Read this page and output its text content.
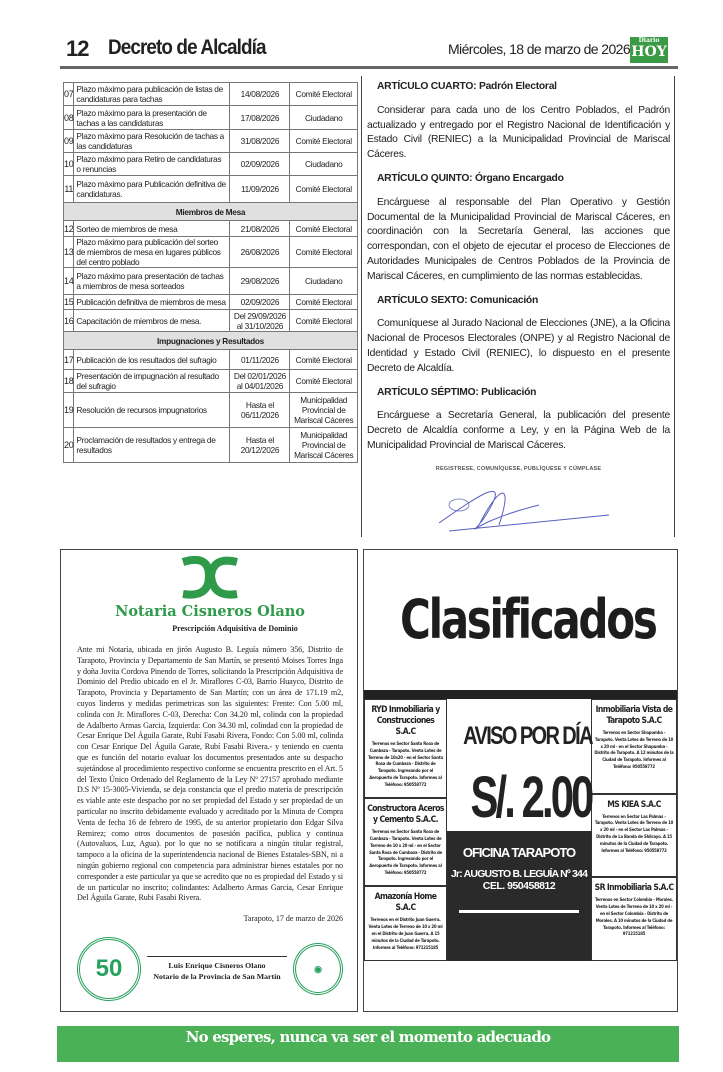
12 Decreto de Alcaldía	Miércoles, 18 de marzo de 2026
Diario
HOY
07	Plazo máximo para publicación de listas de candidaturas para tachas	14/08/2026	Comité Electoral
08	Plazo máximo para la presentación de tachas a las candidaturas	17/08/2026	Ciudadano
09	Plazo máximo para Resolución de tachas a las candidaturas	31/08/2026	Comité Electoral
10	Plazo máximo para Retiro de candidaturas o renuncias	02/09/2026	Ciudadano
11	Plazo máximo para Publicación definitiva de candidaturas.	11/09/2026	Comité Electoral
Miembros de Mesa			
12	Sorteo de miembros de mesa	21/08/2026	Comité Electoral
13	Plazo máximo para publicación del sorteo de miembros de mesa en lugares públicos del centro poblado	26/08/2026	Comité Electoral
14	Plazo máximo para presentación de tachas a miembros de mesa sorteados	29/08/2026	Ciudadano
15	Publicación definitiva de miembros de mesa	02/09/2026	Comité Electoral
16	Capacitación de miembros de mesa.	Del 29/09/2026 al 31/10/2026	Comité Electoral
Impugnaciones y Resultados			
17	Publicación de los resultados del sufragio	01/11/2026	Comité Electoral
18	Presentación de impugnación al resultado del sufragio	Del 02/01/2026 al 04/01/2026	Comité Electoral
19	Resolución de recursos impugnatorios	Hasta el 06/11/2026	Municipalidad Provincial de Mariscal Cáceres
20	Proclamación de resultados y entrega de resultados	Hasta el 20/12/2026	Municipalidad Provincial de Mariscal Cáceres
ARTÍCULO CUARTO: Padrón Electoral

Considerar para cada uno de los Centro Poblados, el Padrón actualizado y entregado por el Registro Nacional de Identificación y Estado Civil (RENIEC) a la Municipalidad Provincial de Mariscal Cáceres.

ARTÍCULO QUINTO: Órgano Encargado

Encárguese al responsable del Plan Operativo y Gestión Documental de la Municipalidad Provincial de Mariscal Cáceres, en coordinación con la Secretaría General, las acciones que correspondan, con el objeto de ejecutar el proceso de Elecciones de Autoridades Municipales de Centros Poblados de la Provincia de Mariscal Cáceres, en cumplimiento de las normas establecidas.

ARTÍCULO SEXTO: Comunicación

Comuníquese al Jurado Nacional de Elecciones (JNE), a la Oficina Nacional de Procesos Electorales (ONPE) y al Registro Nacional de Identidad y Estado Civil (RENIEC), lo dispuesto en el presente Decreto de Alcaldía.

ARTÍCULO SÉPTIMO: Publicación

Encárguese a Secretaría General, la publicación del presente Decreto de Alcaldía conforme a Ley, y en la Página Web de la Municipalidad Provincial de Mariscal Cáceres.

REGISTRESE, COMUNÍQUESE, PUBLÍQUESE Y CÚMPLASE
Notaria Cisneros Olano
Prescripción Adquisitiva de Dominio
Ante mi Notaría, ubicada en jirón Augusto B. Leguía número 356, Distrito de Tarapoto, Provincia y Departamento de San Martín, se presentó Moises Torres Inga y doña Jovita Cordova Pinendo de Torres, solicitando la Prescripción Adquisitiva de Dominio del Predio ubicado en el Jr. Miraflores C-03, Barrio Huayco, Distrito de Tarapoto, Provincia y Departamento de San Martín; con un área de 171.19 m2, cuyos linderos y medidas perimetricas son las siguientes: Frente: Con 5.00 ml, colinda con Jr. Miraflores C-03, Derecha: Con 34.20 ml, colinda con la propiedad de Adalberto Armas Garcia, Izquierda: Con 34.30 ml, colindad con la propiedad de Cesar Enrique Del Águila Garate, Rubí Fasabi Rivera, Fondo: Con 5.00 ml, colinda con Cesar Enrique Del Águila Garate, Rubí Fasabi Rivera.- y teniendo en cuenta que es función del notario evaluar los documentos presentados ante su despacho sujetándose al procedimiento respectivo conforme se encuentra prescrito en el Art. 5 del Texto Único Ordenado del Reglamento de la Ley Nº 27157 aprobado mediante D.S Nº 15-3005-Vivienda, se deja constancia que el predio materia de prescripción es viable ante este despacho por no ser propiedad del Estado y ser propiedad de un particular no inscrito debidamente evaluado y acreditado por la Minuta de Compra Venta de fecha 16 de febrero de 1995, de su anterior propietario don Edgar Silva Remirez; como otros documentos de posesión pacífica, publica y continua (Autovaluos, Luz, Agua). por lo que no se notificara a ningún titular registral, tampoco a la oficina de la superintendencia nacional de Bienes Estatales-SBN, ni a ningún gobierno regional con competencia para administrar bienes estatales por no corresponder a este particular ya que se acredito que no es propiedad del Estado y si de un particular no inscrito; colindantes: Adalberto Armas Garcia, Cesar Enrique Del Águila Garate, Rubi Fasabi Rivera.
Tarapoto, 17 de marzo de 2026
50	Luis Enrique Cisneros Olano
Notario de la Provincia de San Martín
◉
Clasificados
RYD Inmobiliaria y Construcciones S.A.C

Terrenos en Sector Santa Rosa de Cumbaza - Tarapoto. Venta Lotes de Terreno de 10x20 - en el Sector Santa Rosa de Cumbaza - Distrito de Tarapoto. Ingresando por el Aeropuerto de Tarapoto. Informes al Teléfono: 950558772

Constructora Aceros y Cemento S.A.C.

Terrenos en Sector Santa Rosa de Cumbaza - Tarapoto. Venta Lotes de Terreno de 10 x 20 ml - en el Sector Santa Rosa de Cumbaza - Distrito de Tarapoto. Ingresando por el Aeropuerto de Tarapoto. Informes al Teléfono: 950558772

Amazonía Home S.A.C

Terrenos en el Distrito Juan Guerra. Venta Lotes de Terreno de 10 x 20 ml en el Distrito de Juan Guerra. A 15 minutos de la Ciudad de Tarapoto. Informes al Teléfono: 971215185

AVISO POR DÍA
S/. 2.00
OFICINA TARAPOTO
Jr: AUGUSTO B. LEGUÍA Nº 344
CEL. 950458812
Inmobiliaria Vista de Tarapoto S.A.C

Terrenos en Sector Shapumba - Tarapoto. Venta Lotes de Terreno de 10 x 20 ml - en el Sector Shapumba - Distrito de Tarapoto. A 12 minutos de la Ciudad de Tarapoto. Informes al Teléfono: 950558772

MS KIEA S.A.C

Terrenos en Sector Las Palmas - Tarapoto. Venta Lotes de Terreno de 10 x 20 ml - en el Sector Las Palmas - Distrito de La Banda de Shilcayo. A 15 minutos de la Ciudad de Tarapoto. Informes al Teléfono: 950558772

SR Inmobiliaria S.A.C

Terrenos en Sector Colombia - Morales. Venta Lotes de Terreno de 10 x 20 ml - en el Sector Colombia - Distrito de Morales. A 10 minutos de la Ciudad de Tarapoto. Informes al Teléfono: 971215185

No esperes, nunca va ser el momento adecuado
